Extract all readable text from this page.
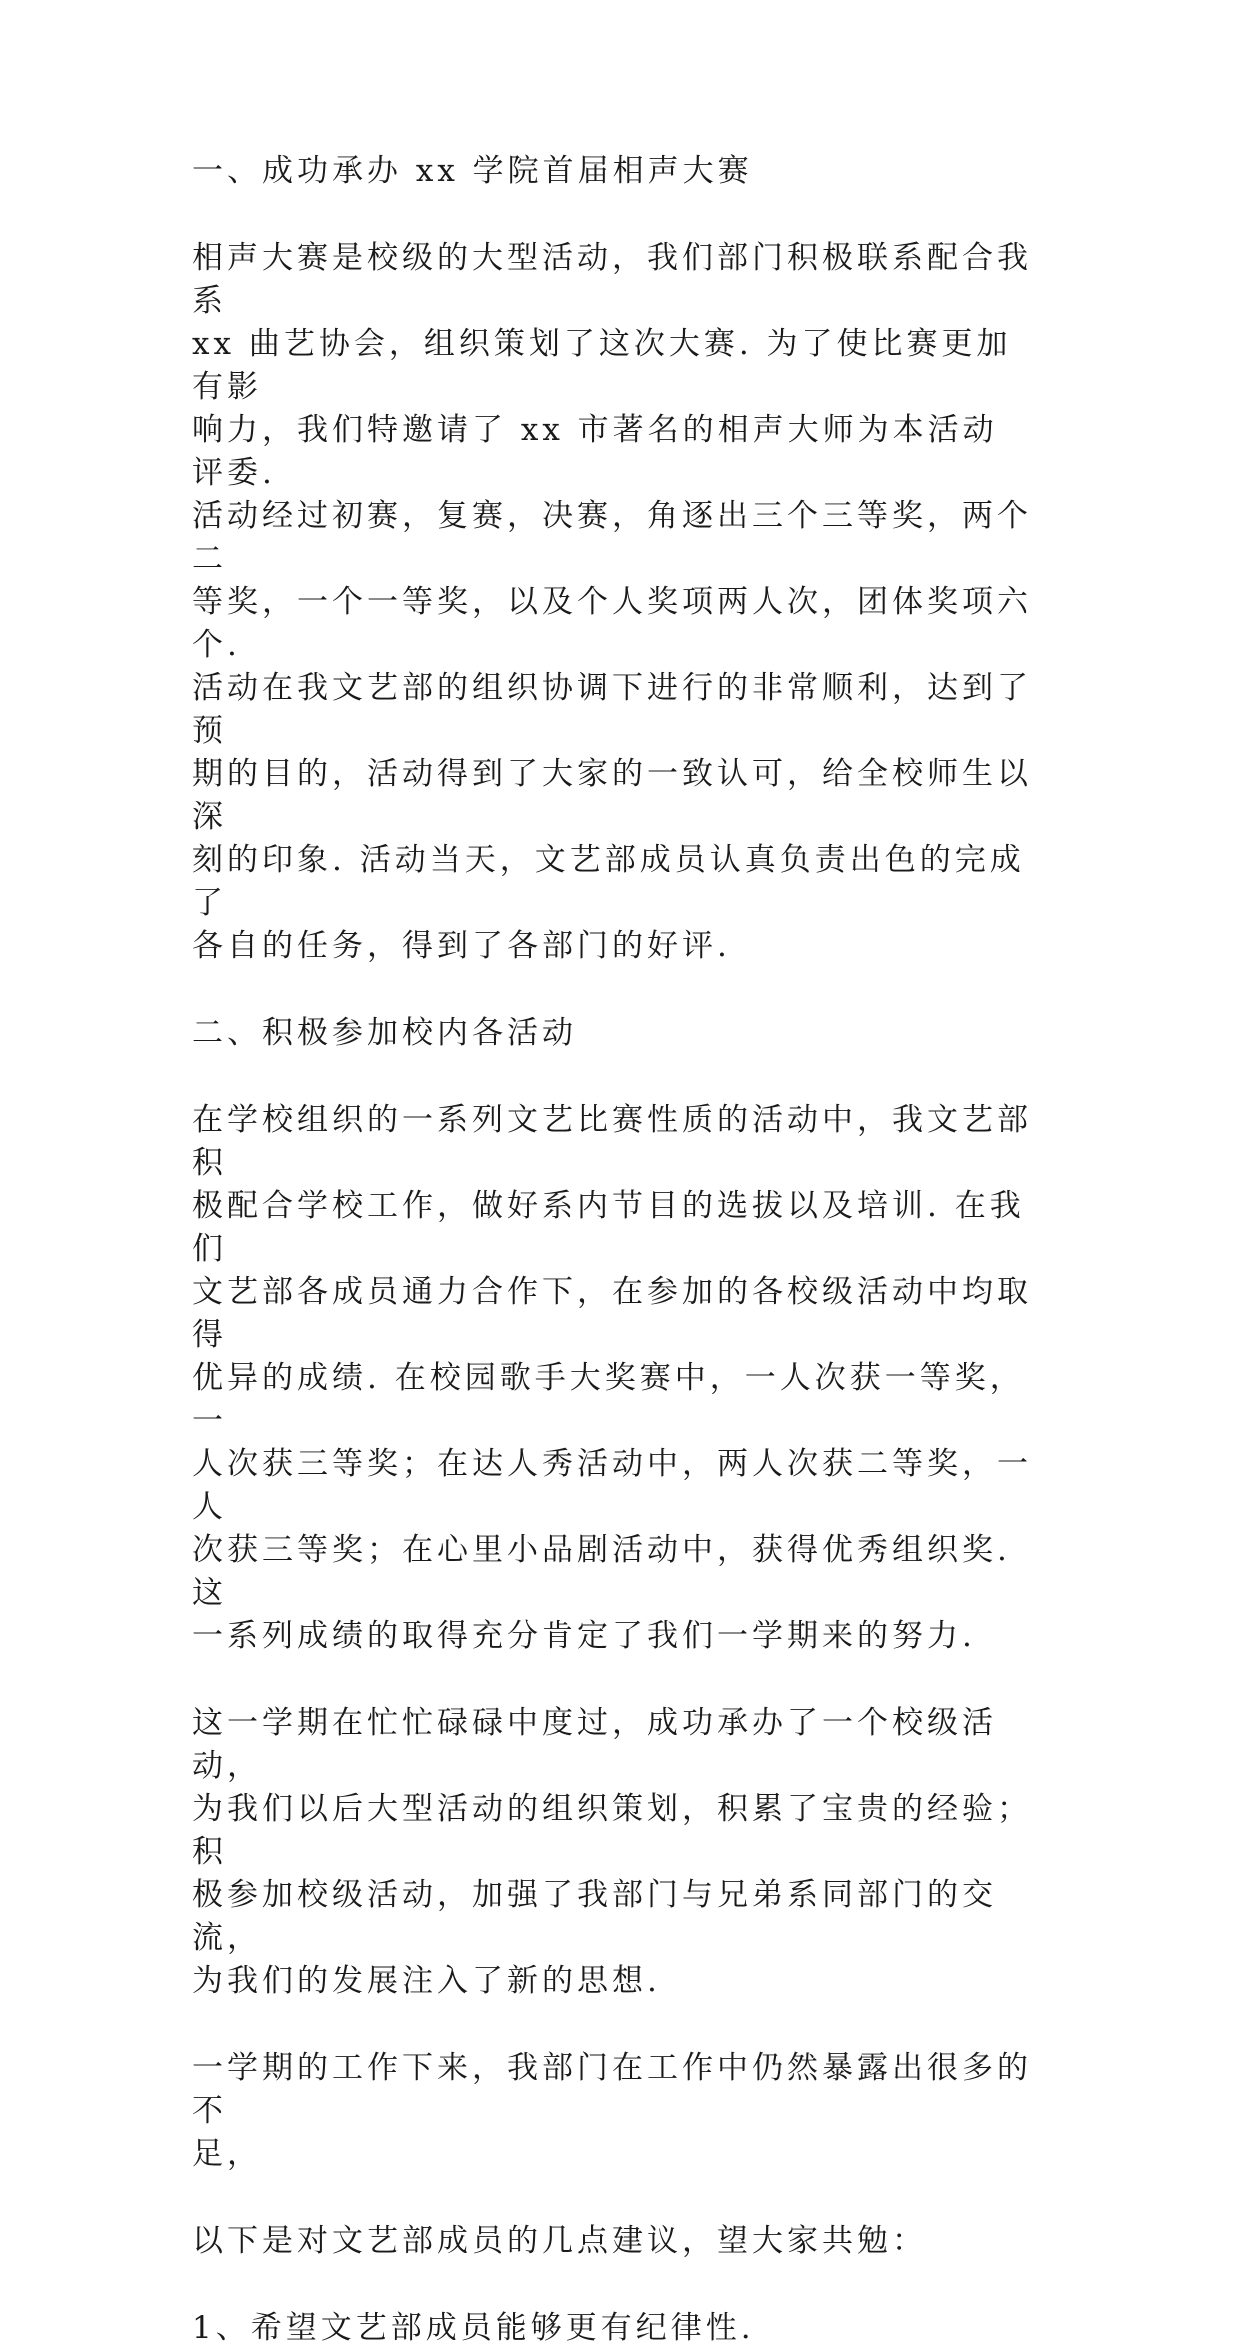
一、成功承办 xx 学院首届相声大赛

相声大赛是校级的大型活动，我们部门积极联系配合我系
xx 曲艺协会，组织策划了这次大赛. 为了使比赛更加有影
响力，我们特邀请了 xx 市著名的相声大师为本活动评委.
活动经过初赛，复赛，决赛，角逐出三个三等奖，两个二
等奖，一个一等奖，以及个人奖项两人次，团体奖项六个.
活动在我文艺部的组织协调下进行的非常顺利，达到了预
期的目的，活动得到了大家的一致认可，给全校师生以深
刻的印象. 活动当天，文艺部成员认真负责出色的完成了
各自的任务，得到了各部门的好评.

二、积极参加校内各活动

在学校组织的一系列文艺比赛性质的活动中，我文艺部积
极配合学校工作，做好系内节目的选拔以及培训. 在我们
文艺部各成员通力合作下，在参加的各校级活动中均取得
优异的成绩. 在校园歌手大奖赛中，一人次获一等奖，一
人次获三等奖；在达人秀活动中，两人次获二等奖，一人
次获三等奖；在心里小品剧活动中，获得优秀组织奖. 这
一系列成绩的取得充分肯定了我们一学期来的努力.

这一学期在忙忙碌碌中度过，成功承办了一个校级活动，
为我们以后大型活动的组织策划，积累了宝贵的经验；积
极参加校级活动，加强了我部门与兄弟系同部门的交流，
为我们的发展注入了新的思想.

一学期的工作下来，我部门在工作中仍然暴露出很多的不
足，

以下是对文艺部成员的几点建议，望大家共勉：

1、希望文艺部成员能够更有纪律性.
